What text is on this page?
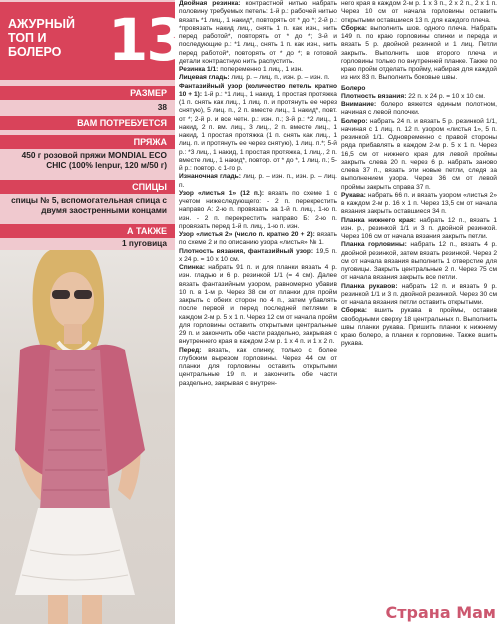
АЖУРНЫЙ ТОП И БОЛЕРО 13
РАЗМЕР
38
ВАМ ПОТРЕБУЕТСЯ
ПРЯЖА
450 г розовой пряжи MONDIAL ECO CHIC (100% lenpur, 120 м/50 г)
СПИЦЫ
спицы № 5, вспомогательная спица с двумя заостренными концами
А ТАКЖЕ
1 пуговица

Двойная резинка: контрастной нитью набрать половину требуемых петель: 1-й р.: рабочей нитью вязать *1 лиц., 1 накид*, повторять от * до *; 2-й р.: *провязать накид лиц., снять 1 п. как изн., нить перед работой*, повторять от * до *; 3-й и последующие р.: *1 лиц., снять 1 п. как изн., нить перед работой*, повторять от * до *; в готовой детали контрастную нить распустить.

Резинка 1/1: попеременно 1 лиц., 1 изн.

Лицевая гладь: лиц. р. – лиц. п., изн. р. – изн. п.

Фантазийный узор (количество петель кратно 10 + 1): 1-й р.: *1 лиц., 1 накид, 1 простая протяжка (1 п. снять как лиц., 1 лиц. п. и протянуть ее через снятую), 5 лиц. п., 2 п. вместе лиц., 1 накид*, повт. от *; 2-й р. и все четн. р.: изн. п.; 3-й р.: *2 лиц., 1 накид, 2 п. вм. лиц., 3 лиц., 2 п. вместе лиц., 1 накид, 1 простая протяжка (1 п. снять как лиц., 1 лиц. п. и протянуть ее через снятую), 1 лиц. п.*; 5-й р.: *3 лиц., 1 накид, 1 простая протяжка, 1 лиц., 2 п. вместе лиц., 1 накид*, повтор. от * до *, 1 лиц. п.; 5-й р.: повтор. с 1-го р.

Изнаночная гладь: лиц. р. – изн. п., изн. р. – лиц. п.

Узор «листья 1» (12 п.): вязать по схеме 1 с учетом нижеследующего: - 2 п. перекрестить направо А: 2-ю п. провязать за 1-й п. лиц., 1-ю п. изн. - 2 п. перекрестить направо Б: 2-ю п. провязать перед 1-й п. лиц., 1-ю п. изн.

Узор «листья 2» (число п. кратно 20 + 2): вязать по схеме 2 и по описанию узора «листья» № 1.

Плотность вязания, фантазийный узор: 19,5 п. х 24 р. = 10 х 10 см.

Спинка: набрать 91 п. и для планки вязать 4 р. изн. гладью и 6 р. резинкой 1/1 (= 4 см). Далее вязать фантазийным узором, равномерно убавив 10 п. в 1-м р. Через 38 см от планки для пройм закрыть с обеих сторон по 4 п., затем убавлять после первой и перед последней петлями в каждом 2-м р. 5 х 1 п. Через 12 см от начала пройм для горловины оставить открытыми центральные 29 п. и закончить обе части раздельно, закрывая с внутреннего края в каждом 2-м р. 1 х 4 п. и 1 х 2 п.

Перед: вязать, как спинку, только с более глубоким вырезом горловины. Через 44 см от планки для горловины оставить открытыми центральные 19 п. и закончить обе части раздельно, закрывая с внутрен-

него края в каждом 2-м р. 1 х 3 п., 2 х 2 п., 2 х 1 п. Через 10 см от начала горловины оставить открытыми оставшиеся 13 п. для каждого плеча.

Сборка: выполнить шов. одного плеча. Набрать 149 п. по краю горловины спинки и переда и вязать 5 р. двойной резинкой и 1 лиц. Петли закрыть. Выполнить шов второго плеча и горловины только по внутренней планке. Также по краю пройм отделать пройму, набирая для каждой из них 83 п. Выполнить боковые швы.

Болеро

Плотность вязания: 22 п. х 24 р. = 10 х 10 см.

Внимание: болеро вяжется единым полотном, начиная с левой полочки.

Болеро: набрать 24 п. и вязать 5 р. резинкой 1/1, начиная с 1 лиц. п. 12 п. узором «листья 1», 5 п. резинкой 1/1. Одновременно с правой стороны ряда прибавлять в каждом 2-м р. 5 х 1 п. Через 16,5 см от нижнего края для левой проймы закрыть слева 20 п. через 6 р. набрать заново слева 37 п., вязать эти новые петли, следя за выполнением узора. Через 36 см от левой проймы закрыть справа 37 п.

Рукава: набрать 66 п. и вязать узором «листья 2» в каждом 2-м р. 16 х 1 п. Через 13,5 см от начала вязания закрыть оставшиеся 34 п.

Планка нижнего края: набрать 12 п., вязать 1 изн. р., резинкой 1/1 и 3 п. двойной резинкой. Через 106 см от начала вязания закрыть петли.

Планка горловины: набрать 12 п., вязать 4 р. двойной резинкой, затем вязать резинкой. Через 2 см от начала вязания выполнить 1 отверстие для пуговицы. Закрыть центральные 2 п. Через 75 см от начала вязания закрыть все петли.

Планка рукавов: набрать 12 п. и вязать 9 р. резинкой 1/1 и 3 п. двойной резинкой. Через 30 см от начала вязания петли оставить открытыми.

Сборка: вшить рукава в проймы, оставив свободными сверху 18 центральных п. Выполнить швы планки рукава. Пришить планки к нижнему краю болеро, а планки к горловине. Также вшить рукава.

Страна Мам
